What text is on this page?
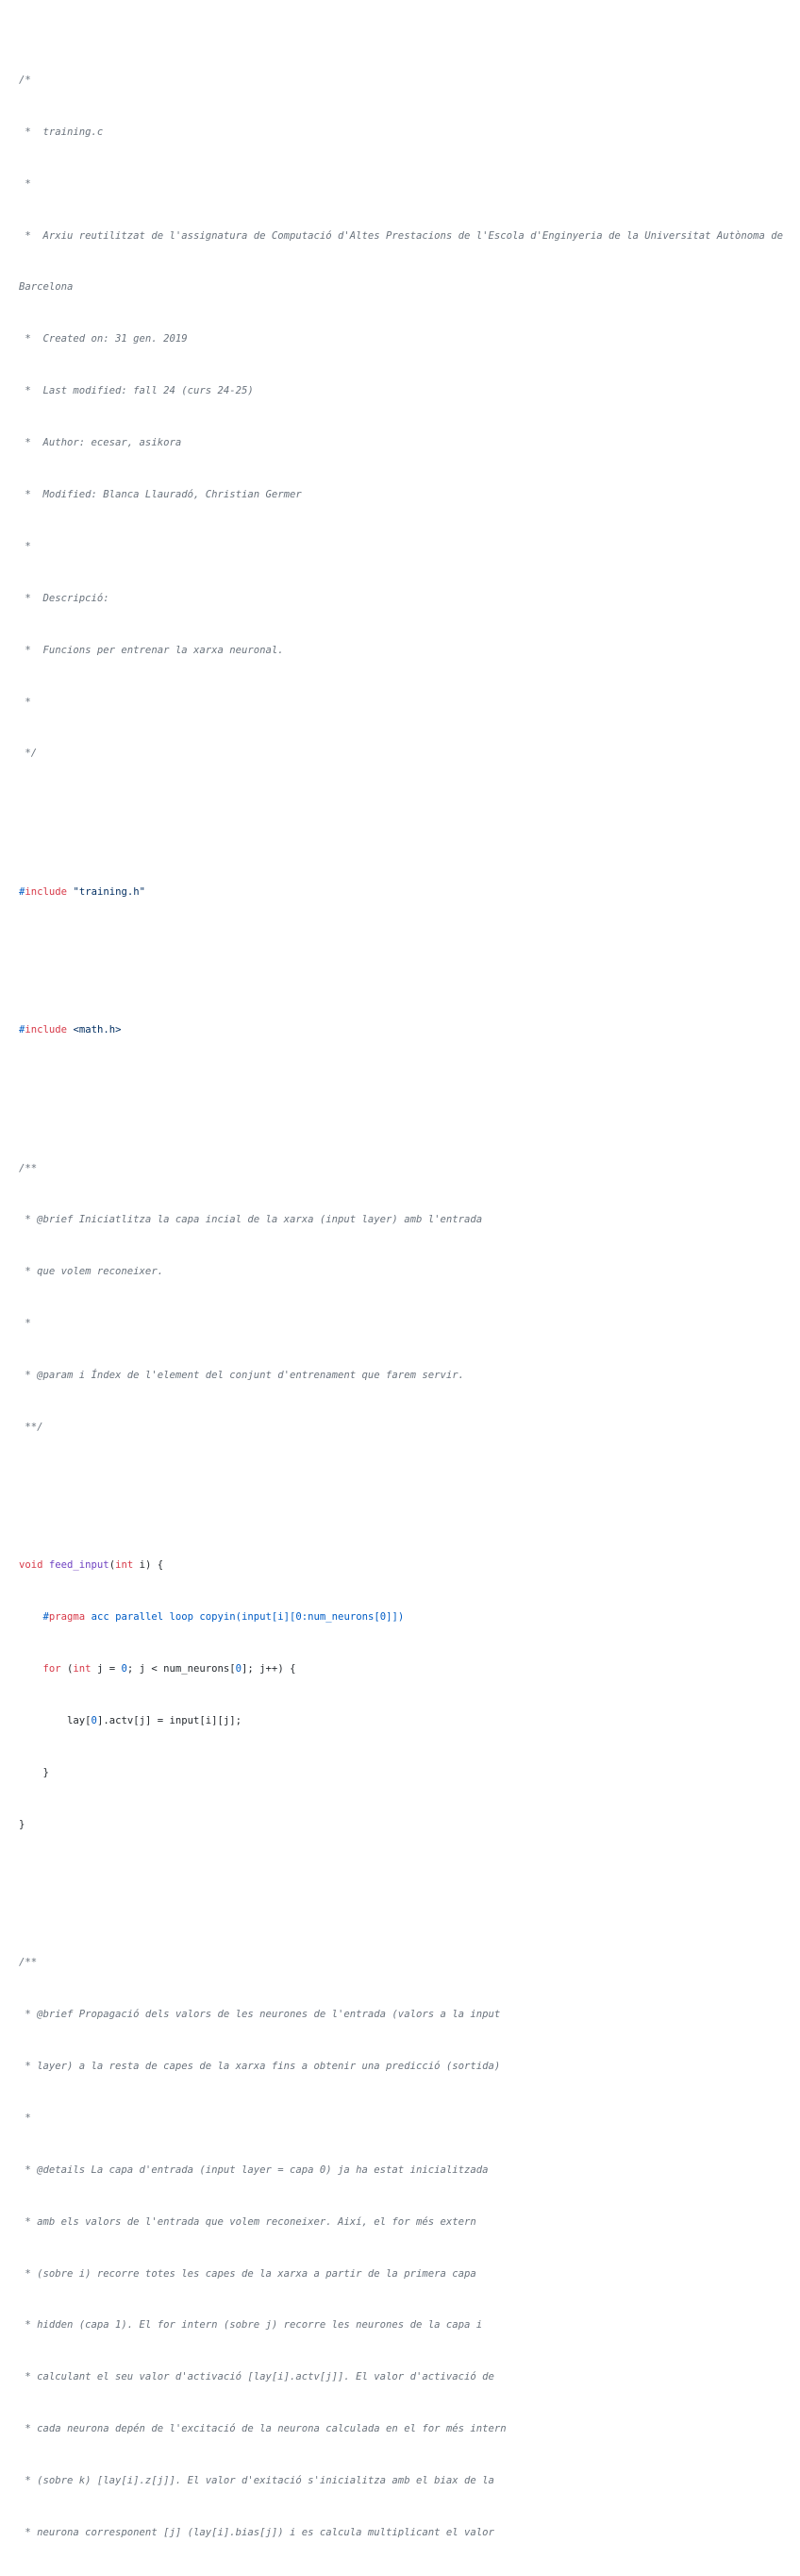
/*

*  training.c

*

*  Arxiu reutilitzat de l'assignatura de Computació d'Altes Prestacions de l'Escola d'Enginyeria de la Universitat Autònoma de

Barcelona

*  Created on: 31 gen. 2019

*  Last modified: fall 24 (curs 24-25)

*  Author: ecesar, asikora

*  Modified: Blanca Llauradó, Christian Germer

*

*  Descripció:

*  Funcions per entrenar la xarxa neuronal.

*

*/

#include "training.h"

#include <math.h>

/**

* @brief Iniciatlitza la capa incial de la xarxa (input layer) amb l'entrada

* que volem reconeixer.

*

* @param i Índex de l'element del conjunt d'entrenament que farem servir.

**/

void feed_input(int i) {

#pragma acc parallel loop copyin(input[i][0:num_neurons[0]])

for (int j = 0; j < num_neurons[0]; j++) {

lay[0].actv[j] = input[i][j];

}

}

/**

* @brief Propagació dels valors de les neurones de l'entrada (valors a la input

* layer) a la resta de capes de la xarxa fins a obtenir una predicció (sortida)

*

* @details La capa d'entrada (input layer = capa 0) ja ha estat inicialitzada

* amb els valors de l'entrada que volem reconeixer. Així, el for més extern

* (sobre i) recorre totes les capes de la xarxa a partir de la primera capa

* hidden (capa 1). El for intern (sobre j) recorre les neurones de la capa i

* calculant el seu valor d'activació [lay[i].actv[j]]. El valor d'activació de

* cada neurona depén de l'excitació de la neurona calculada en el for més intern

* (sobre k) [lay[i].z[j]]. El valor d'exitació s'inicialitza amb el biax de la

* neurona corresponent [j] (lay[i].bias[j]) i es calcula multiplicant el valor
